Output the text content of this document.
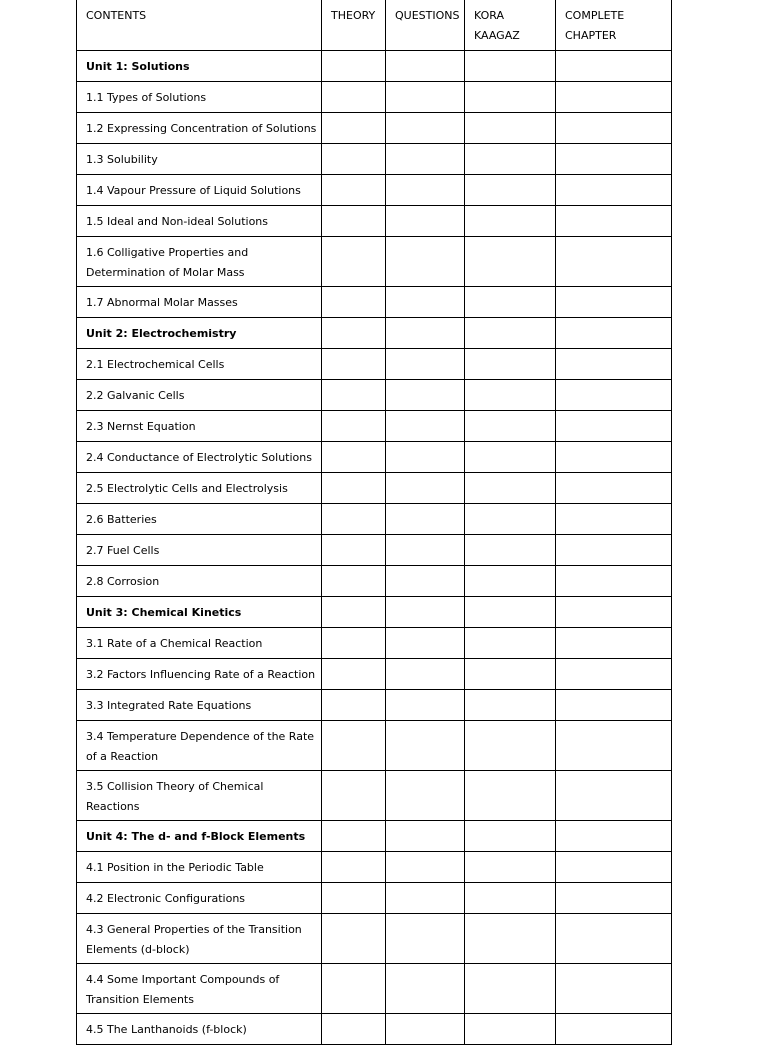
CONTENTS	THEORY	QUESTIONS	KORA KAAGAZ	COMPLETE CHAPTER
Unit 1: Solutions				
1.1 Types of Solutions				
1.2 Expressing Concentration of Solutions				
1.3 Solubility				
1.4 Vapour Pressure of Liquid Solutions				
1.5 Ideal and Non-ideal Solutions				
1.6 Colligative Properties and Determination of Molar Mass				
1.7 Abnormal Molar Masses				
Unit 2: Electrochemistry				
2.1 Electrochemical Cells				
2.2 Galvanic Cells				
2.3 Nernst Equation				
2.4 Conductance of Electrolytic Solutions				
2.5 Electrolytic Cells and Electrolysis				
2.6 Batteries				
2.7 Fuel Cells				
2.8 Corrosion				
Unit 3: Chemical Kinetics				
3.1 Rate of a Chemical Reaction				
3.2 Factors Influencing Rate of a Reaction				
3.3 Integrated Rate Equations				
3.4 Temperature Dependence of the Rate of a Reaction				
3.5 Collision Theory of Chemical Reactions				
Unit 4: The d- and f-Block Elements				
4.1 Position in the Periodic Table				
4.2 Electronic Configurations				
4.3 General Properties of the Transition Elements (d-block)				
4.4 Some Important Compounds of Transition Elements				
4.5 The Lanthanoids (f-block)				
